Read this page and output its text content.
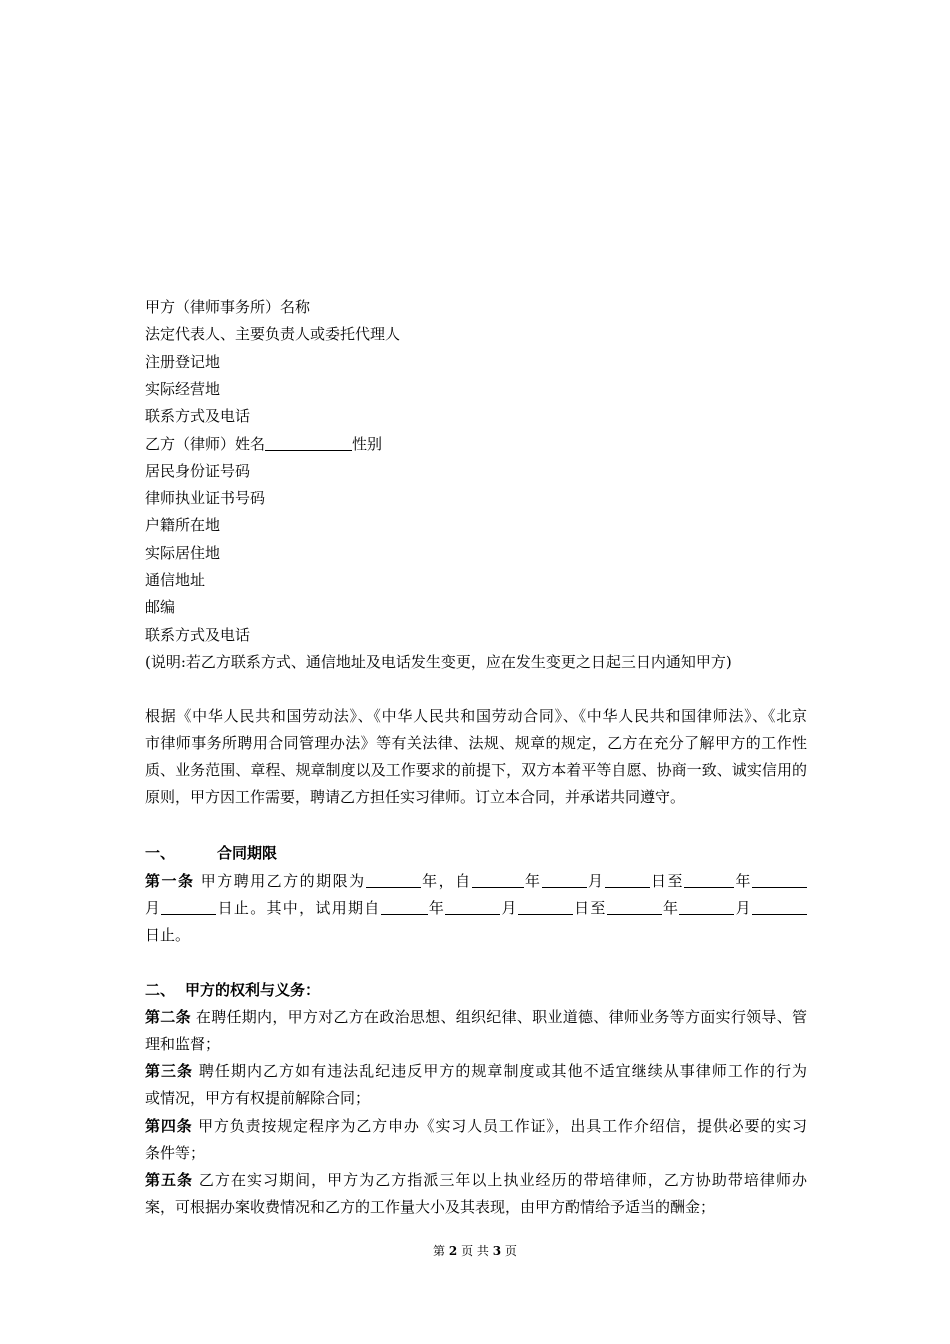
甲方（律师事务所）名称
法定代表人、主要负责人或委托代理人
注册登记地
实际经营地
联系方式及电话
乙方（律师）姓名	性别
居民身份证号码
律师执业证书号码
户籍所在地
实际居住地
通信地址
邮编
联系方式及电话
(说明:若乙方联系方式、通信地址及电话发生变更，应在发生变更之日起三日内通知甲方)
根据《中华人民共和国劳动法》、《中华人民共和国劳动合同》、《中华人民共和国律师法》、《北京
市律师事务所聘用合同管理办法》等有关法律、法规、规章的规定，乙方在充分了解甲方的工作性
质、业务范围、章程、规章制度以及工作要求的前提下，双方本着平等自愿、协商一致、诚实信用的
原则，甲方因工作需要，聘请乙方担任实习律师。订立本合同，并承诺共同遵守。
一、	合同期限
第一条 甲方聘用乙方的期限为	年，自	年	月	日至	年
月	日止。其中，试用期自	年	月	日至	年	月
日止。
二、 甲方的权利与义务：
第二条 在聘任期内，甲方对乙方在政治思想、组织纪律、职业道德、律师业务等方面实行领导、管
理和监督；
第三条 聘任期内乙方如有违法乱纪违反甲方的规章制度或其他不适宜继续从事律师工作的行为
或情况，甲方有权提前解除合同；
第四条 甲方负责按规定程序为乙方申办《实习人员工作证》，出具工作介绍信，提供必要的实习
条件等；
第五条 乙方在实习期间，甲方为乙方指派三年以上执业经历的带培律师，乙方协助带培律师办
案，可根据办案收费情况和乙方的工作量大小及其表现，由甲方酌情给予适当的酬金；
第 2 页 共 3 页
